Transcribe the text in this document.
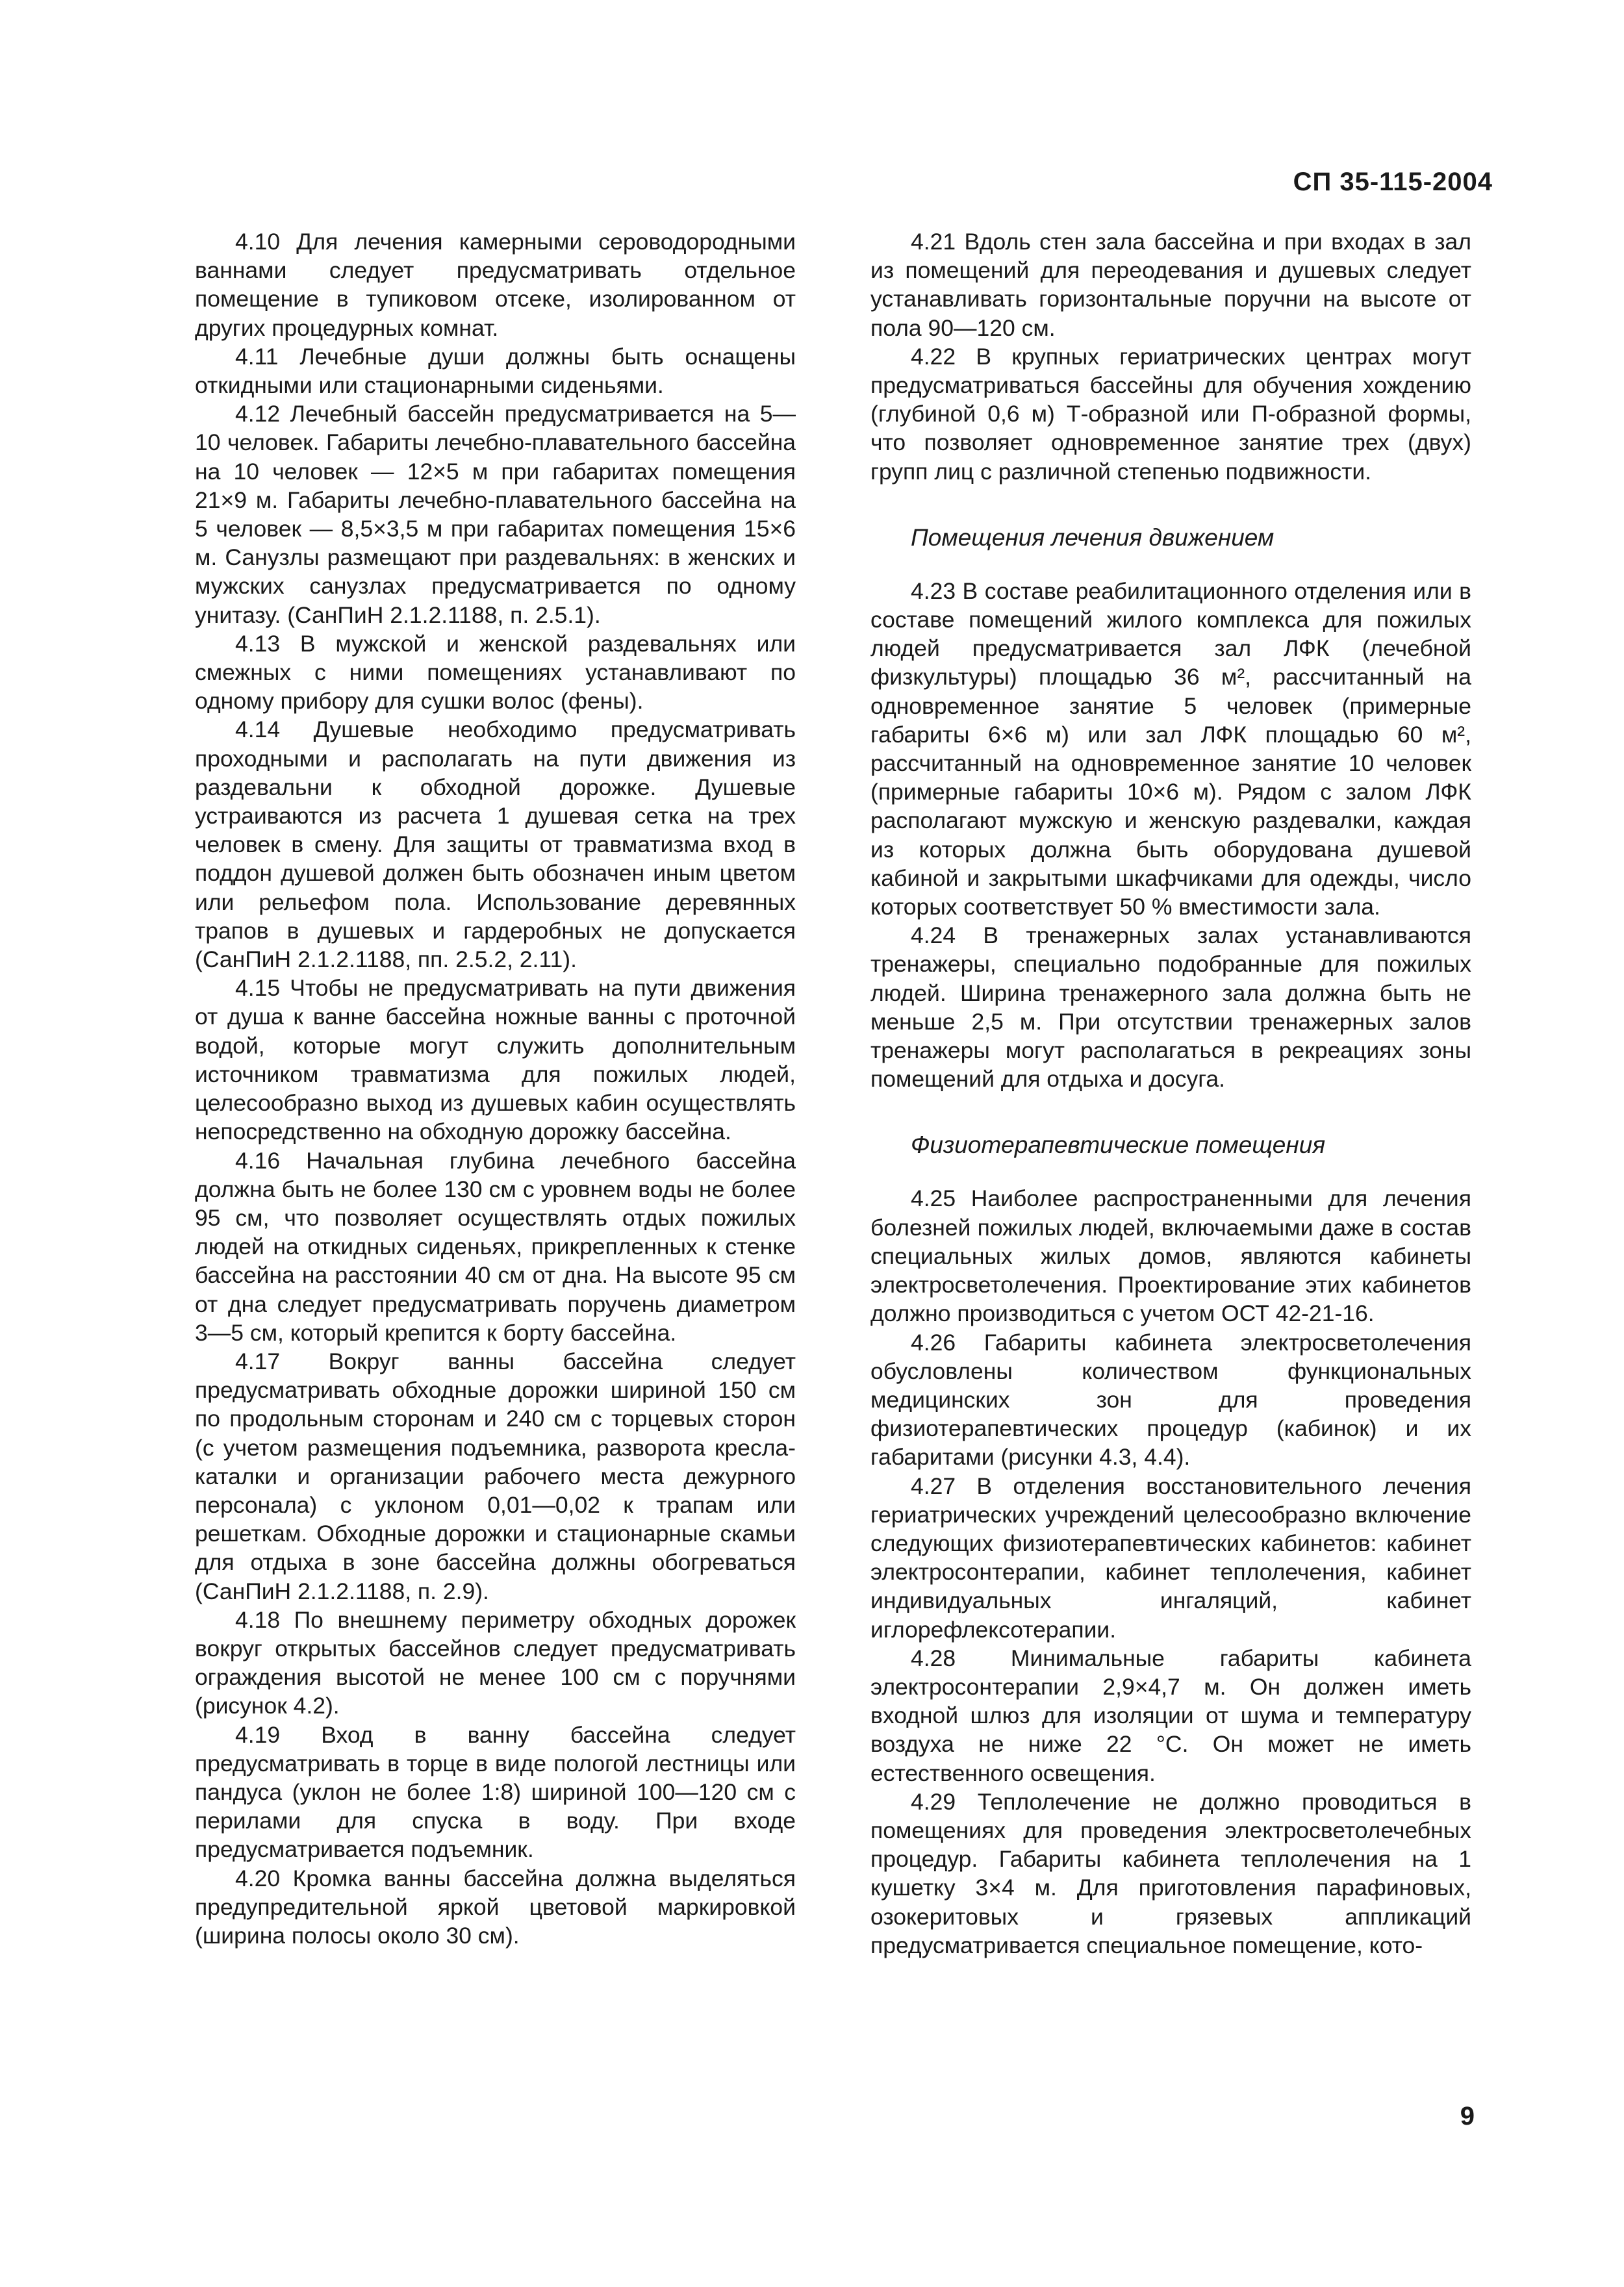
СП 35-115-2004

4.10 Для лечения камерными сероводородными ваннами следует предусматривать отдельное помещение в тупиковом отсеке, изолированном от других процедурных комнат.

4.11 Лечебные души должны быть оснащены откидными или стационарными сиденьями.

4.12 Лечебный бассейн предусматривается на 5—10 человек. Габариты лечебно-плавательного бассейна на 10 человек — 12×5 м при габаритах помещения 21×9 м. Габариты лечебно-плавательного бассейна на 5 человек — 8,5×3,5 м при габаритах помещения 15×6 м. Санузлы размещают при раздевальнях: в женских и мужских санузлах предусматривается по одному унитазу. (СанПиН 2.1.2.1188, п. 2.5.1).

4.13 В мужской и женской раздевальнях или смежных с ними помещениях устанавливают по одному прибору для сушки волос (фены).

4.14 Душевые необходимо предусматривать проходными и располагать на пути движения из раздевальни к обходной дорожке. Душевые устраиваются из расчета 1 душевая сетка на трех человек в смену. Для защиты от травматизма вход в поддон душевой должен быть обозначен иным цветом или рельефом пола. Использование деревянных трапов в душевых и гардеробных не допускается (СанПиН 2.1.2.1188, пп. 2.5.2, 2.11).

4.15 Чтобы не предусматривать на пути движения от душа к ванне бассейна ножные ванны с проточной водой, которые могут служить дополнительным источником травматизма для пожилых людей, целесообразно выход из душевых кабин осуществлять непосредственно на обходную дорожку бассейна.

4.16 Начальная глубина лечебного бассейна должна быть не более 130 см с уровнем воды не более 95 см, что позволяет осуществлять отдых пожилых людей на откидных сиденьях, прикрепленных к стенке бассейна на расстоянии 40 см от дна. На высоте 95 см от дна следует предусматривать поручень диаметром 3—5 см, который крепится к борту бассейна.

4.17 Вокруг ванны бассейна следует предусматривать обходные дорожки шириной 150 см по продольным сторонам и 240 см с торцевых сторон (с учетом размещения подъемника, разворота кресла-каталки и организации рабочего места дежурного персонала) с уклоном 0,01—0,02 к трапам или решеткам. Обходные дорожки и стационарные скамьи для отдыха в зоне бассейна должны обогреваться (СанПиН 2.1.2.1188, п. 2.9).

4.18 По внешнему периметру обходных дорожек вокруг открытых бассейнов следует предусматривать ограждения высотой не менее 100 см с поручнями (рисунок 4.2).

4.19 Вход в ванну бассейна следует предусматривать в торце в виде пологой лестницы или пандуса (уклон не более 1:8) шириной 100—120 см с перилами для спуска в воду. При входе предусматривается подъемник.

4.20 Кромка ванны бассейна должна выделяться предупредительной яркой цветовой маркировкой (ширина полосы около 30 см).

4.21 Вдоль стен зала бассейна и при входах в зал из помещений для переодевания и душевых следует устанавливать горизонтальные поручни на высоте от пола 90—120 см.

4.22 В крупных гериатрических центрах могут предусматриваться бассейны для обучения хождению (глубиной 0,6 м) Т-образной или П-образной формы, что позволяет одновременное занятие трех (двух) групп лиц с различной степенью подвижности.

Помещения лечения движением

4.23 В составе реабилитационного отделения или в составе помещений жилого комплекса для пожилых людей предусматривается зал ЛФК (лечебной физкультуры) площадью 36 м², рассчитанный на одновременное занятие 5 человек (примерные габариты 6×6 м) или зал ЛФК площадью 60 м², рассчитанный на одновременное занятие 10 человек (примерные габариты 10×6 м). Рядом с залом ЛФК располагают мужскую и женскую раздевалки, каждая из которых должна быть оборудована душевой кабиной и закрытыми шкафчиками для одежды, число которых соответствует 50 % вместимости зала.

4.24 В тренажерных залах устанавливаются тренажеры, специально подобранные для пожилых людей. Ширина тренажерного зала должна быть не меньше 2,5 м. При отсутствии тренажерных залов тренажеры могут располагаться в рекреациях зоны помещений для отдыха и досуга.

Физиотерапевтические помещения

4.25 Наиболее распространенными для лечения болезней пожилых людей, включаемыми даже в состав специальных жилых домов, являются кабинеты электросветолечения. Проектирование этих кабинетов должно производиться с учетом ОСТ 42-21-16.

4.26 Габариты кабинета электросветолечения обусловлены количеством функциональных медицинских зон для проведения физиотерапевтических процедур (кабинок) и их габаритами (рисунки 4.3, 4.4).

4.27 В отделения восстановительного лечения гериатрических учреждений целесообразно включение следующих физиотерапевтических кабинетов: кабинет электросонтерапии, кабинет теплолечения, кабинет индивидуальных ингаляций, кабинет иглорефлексотерапии.

4.28 Минимальные габариты кабинета электросонтерапии 2,9×4,7 м. Он должен иметь входной шлюз для изоляции от шума и температуру воздуха не ниже 22 °С. Он может не иметь естественного освещения.

4.29 Теплолечение не должно проводиться в помещениях для проведения электросветолечебных процедур. Габариты кабинета теплолечения на 1 кушетку 3×4 м. Для приготовления парафиновых, озокеритовых и грязевых аппликаций предусматривается специальное помещение, кото-

9
